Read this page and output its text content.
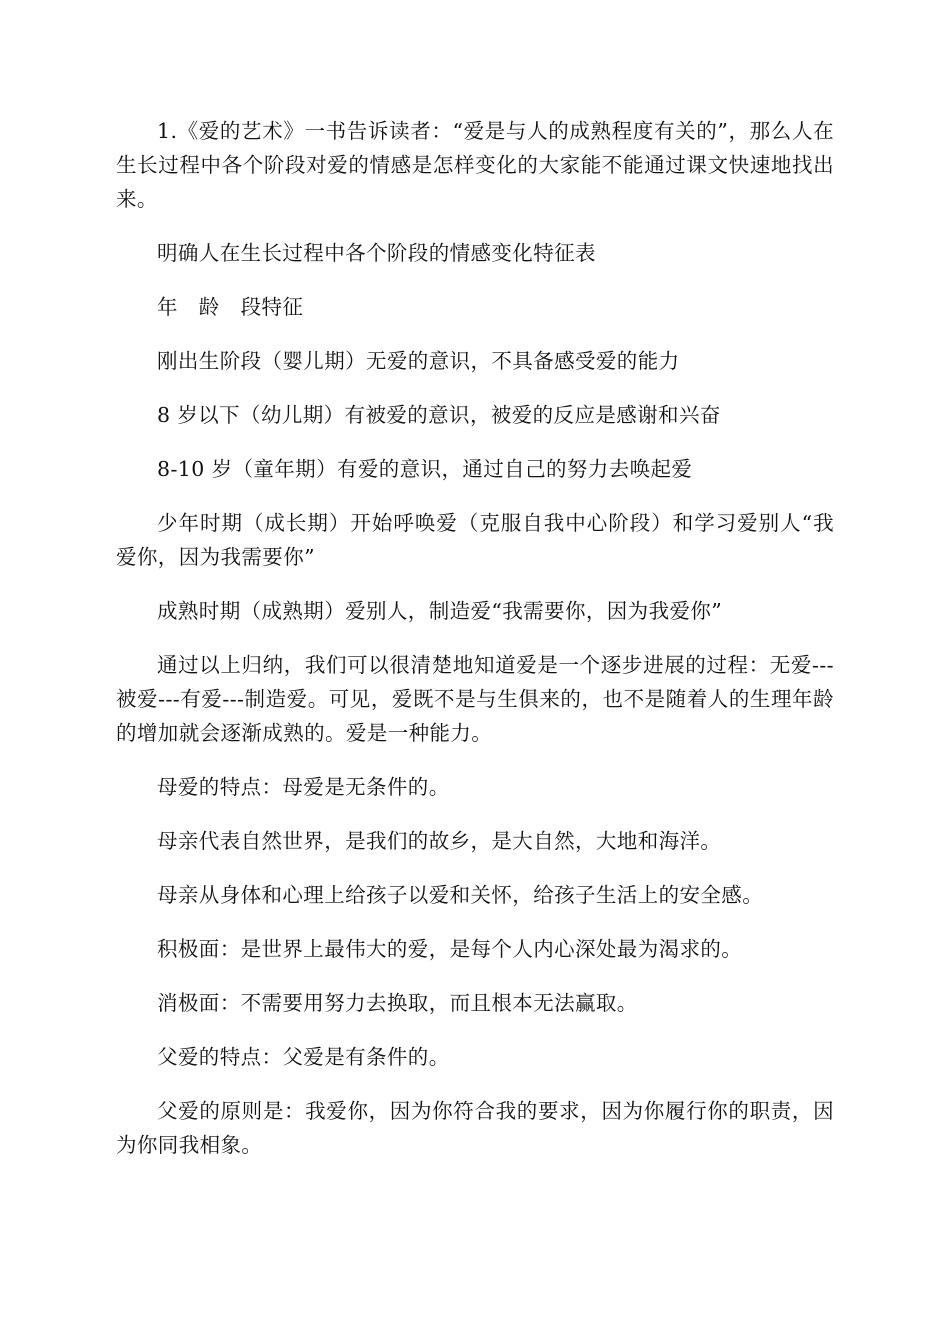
1.《爱的艺术》一书告诉读者：“爱是与人的成熟程度有关的”，那么人在生长过程中各个阶段对爱的情感是怎样变化的大家能不能通过课文快速地找出来。

明确人在生长过程中各个阶段的情感变化特征表

年　龄　段特征

刚出生阶段（婴儿期）无爱的意识，不具备感受爱的能力

8 岁以下（幼儿期）有被爱的意识，被爱的反应是感谢和兴奋

8-10 岁（童年期）有爱的意识，通过自己的努力去唤起爱

少年时期（成长期）开始呼唤爱（克服自我中心阶段）和学习爱别人“我爱你，因为我需要你”

成熟时期（成熟期）爱别人，制造爱“我需要你，因为我爱你”

通过以上归纳，我们可以很清楚地知道爱是一个逐步进展的过程：无爱---被爱---有爱---制造爱。可见，爱既不是与生俱来的，也不是随着人的生理年龄的增加就会逐渐成熟的。爱是一种能力。

母爱的特点：母爱是无条件的。

母亲代表自然世界，是我们的故乡，是大自然，大地和海洋。

母亲从身体和心理上给孩子以爱和关怀，给孩子生活上的安全感。

积极面：是世界上最伟大的爱，是每个人内心深处最为渴求的。

消极面：不需要用努力去换取，而且根本无法赢取。

父爱的特点：父爱是有条件的。

父爱的原则是：我爱你，因为你符合我的要求，因为你履行你的职责，因为你同我相象。
